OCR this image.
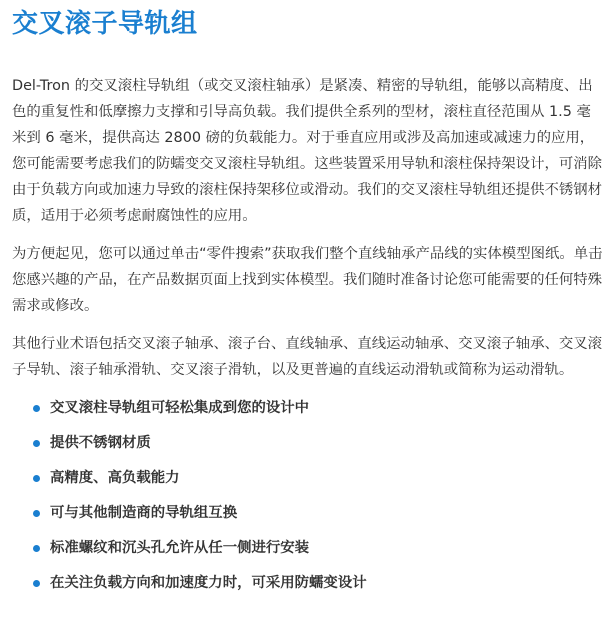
交叉滚子导轨组

Del-Tron 的交叉滚柱导轨组（或交叉滚柱轴承）是紧凑、精密的导轨组，能够以高精度、出色的重复性和低摩擦力支撑和引导高负载。我们提供全系列的型材，滚柱直径范围从 1.5 毫米到 6 毫米，提供高达 2800 磅的负载能力。对于垂直应用或涉及高加速或减速力的应用，您可能需要考虑我们的防蠕变交叉滚柱导轨组。这些装置采用导轨和滚柱保持架设计，可消除由于负载方向或加速力导致的滚柱保持架移位或滑动。我们的交叉滚柱导轨组还提供不锈钢材质，适用于必须考虑耐腐蚀性的应用。

为方便起见，您可以通过单击“零件搜索”获取我们整个直线轴承产品线的实体模型图纸。单击您感兴趣的产品，在产品数据页面上找到实体模型。我们随时准备讨论您可能需要的任何特殊需求或修改。

其他行业术语包括交叉滚子轴承、滚子台、直线轴承、直线运动轴承、交叉滚子轴承、交叉滚子导轨、滚子轴承滑轨、交叉滚子滑轨，以及更普遍的直线运动滑轨或简称为运动滑轨。

交叉滚柱导轨组可轻松集成到您的设计中
提供不锈钢材质
高精度、高负载能力
可与其他制造商的导轨组互换
标准螺纹和沉头孔允许从任一侧进行安装
在关注负载方向和加速度力时，可采用防蠕变设计
